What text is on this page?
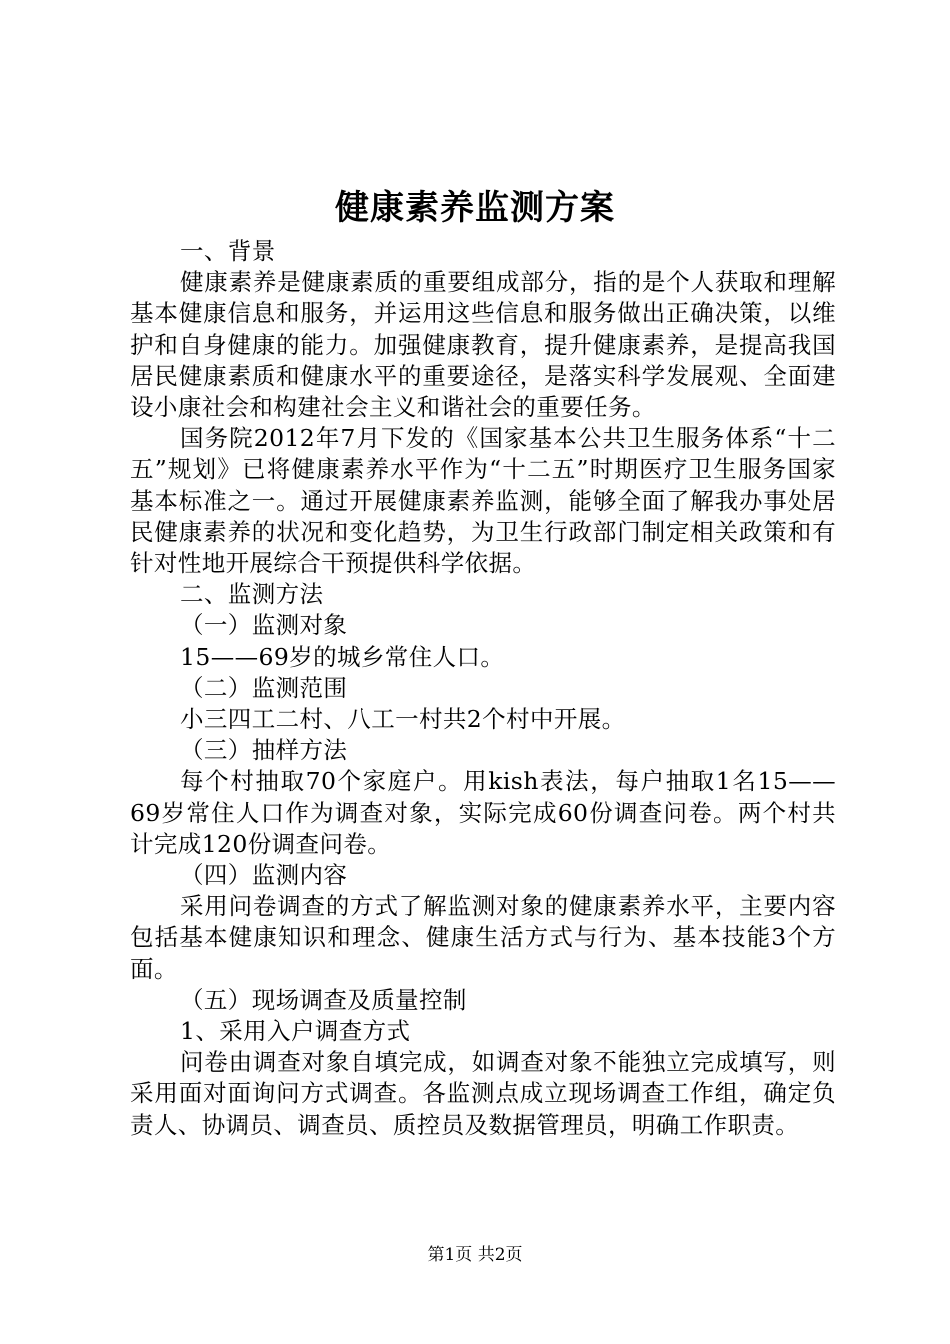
健康素养监测方案

一、背景

健康素养是健康素质的重要组成部分，指的是个人获取和理解基本健康信息和服务，并运用这些信息和服务做出正确决策，以维护和自身健康的能力。加强健康教育，提升健康素养，是提高我国居民健康素质和健康水平的重要途径，是落实科学发展观、全面建设小康社会和构建社会主义和谐社会的重要任务。

国务院2012年7月下发的《国家基本公共卫生服务体系“十二五”规划》已将健康素养水平作为“十二五”时期医疗卫生服务国家基本标准之一。通过开展健康素养监测，能够全面了解我办事处居民健康素养的状况和变化趋势，为卫生行政部门制定相关政策和有针对性地开展综合干预提供科学依据。

二、监测方法

（一）监测对象

15——69岁的城乡常住人口。

（二）监测范围

小三四工二村、八工一村共2个村中开展。

（三）抽样方法

每个村抽取70个家庭户。用kish表法，每户抽取1名15——69岁常住人口作为调查对象，实际完成60份调查问卷。两个村共计完成120份调查问卷。

（四）监测内容

采用问卷调查的方式了解监测对象的健康素养水平，主要内容包括基本健康知识和理念、健康生活方式与行为、基本技能3个方面。

（五）现场调查及质量控制

1、采用入户调查方式

问卷由调查对象自填完成，如调查对象不能独立完成填写，则采用面对面询问方式调查。各监测点成立现场调查工作组，确定负责人、协调员、调查员、质控员及数据管理员，明确工作职责。

第1页 共2页
